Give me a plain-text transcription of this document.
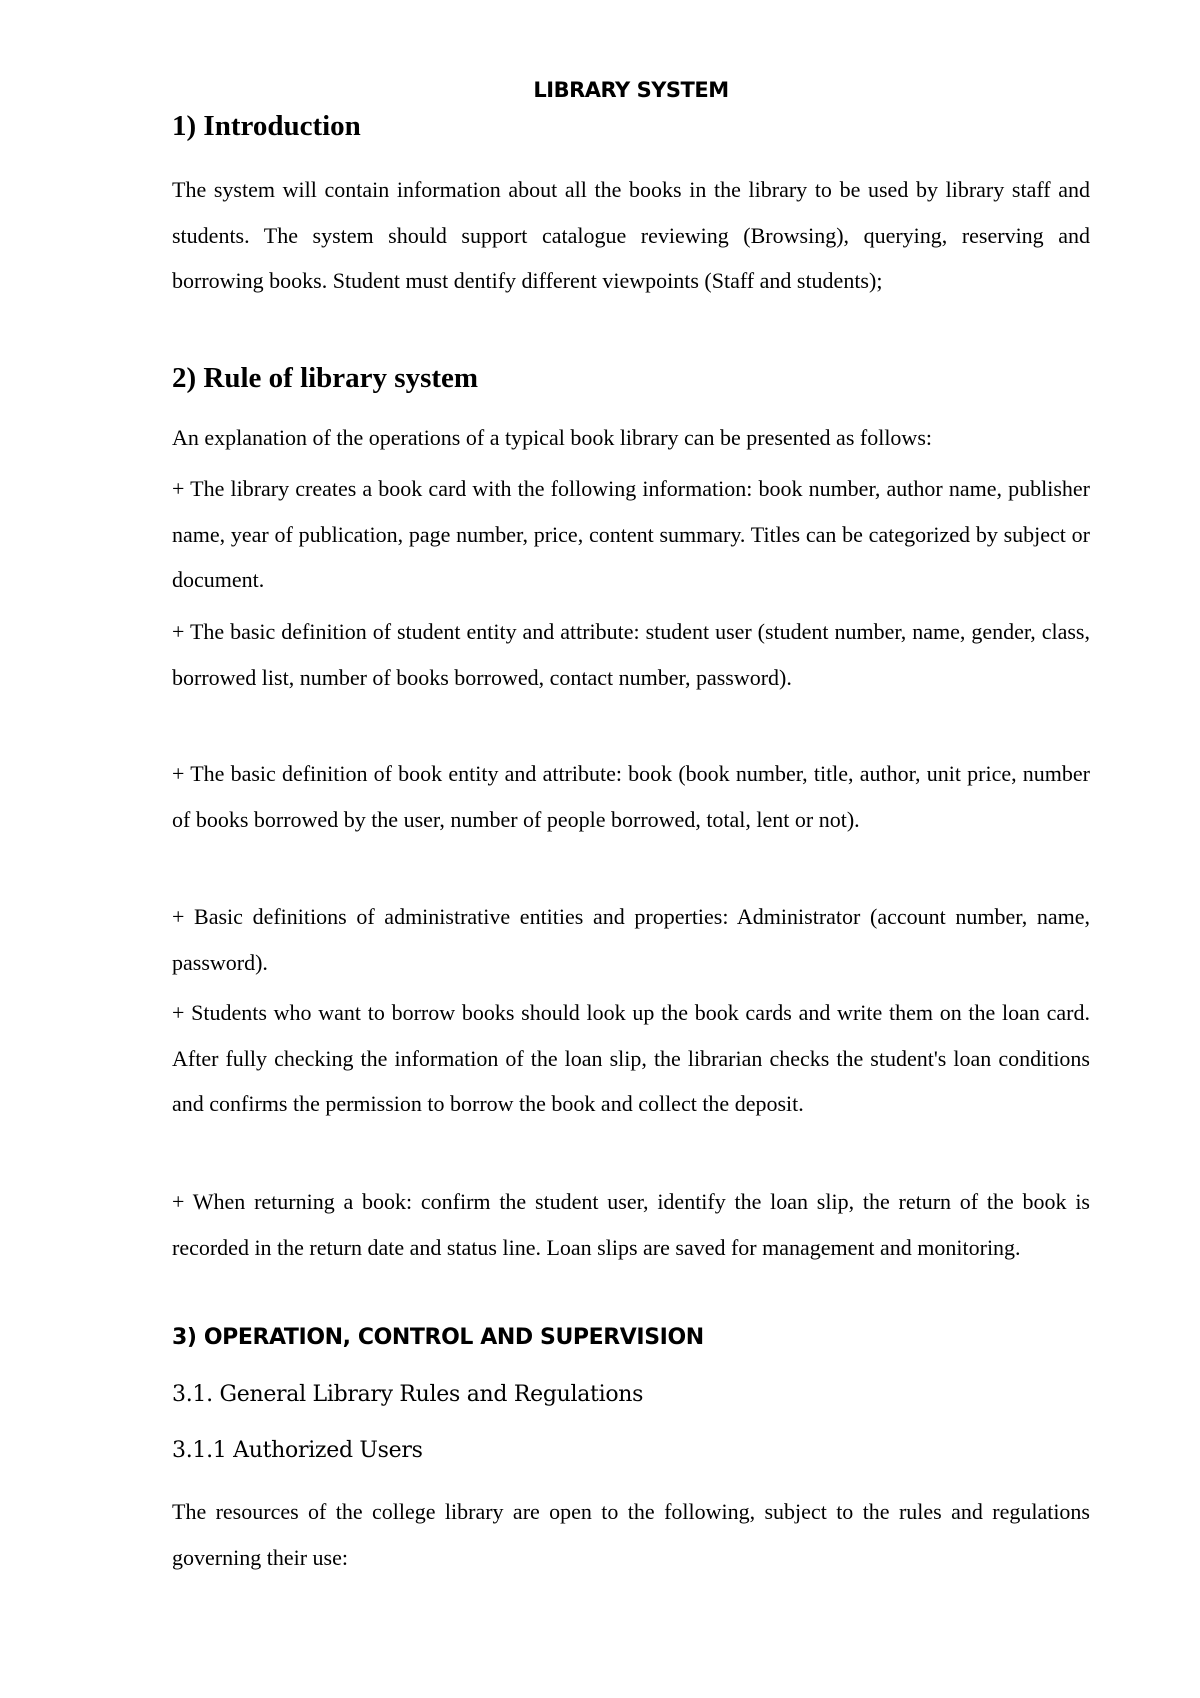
LIBRARY SYSTEM
1) Introduction

The system will contain information about all the books in the library to be used by library staff and students. The system should support catalogue reviewing (Browsing), querying, reserving and borrowing books. Student must dentify different viewpoints (Staff and students);

2) Rule of library system

An explanation of the operations of a typical book library can be presented as follows:

+ The library creates a book card with the following information: book number, author name, publisher name, year of publication, page number, price, content summary. Titles can be categorized by subject or document.

+ The basic definition of student entity and attribute: student user (student number, name, gender, class, borrowed list, number of books borrowed, contact number, password).

+ The basic definition of book entity and attribute: book (book number, title, author, unit price, number of books borrowed by the user, number of people borrowed, total, lent or not).

+ Basic definitions of administrative entities and properties: Administrator (account number, name, password).

+ Students who want to borrow books should look up the book cards and write them on the loan card. After fully checking the information of the loan slip, the librarian checks the student's loan conditions and confirms the permission to borrow the book and collect the deposit.

+ When returning a book: confirm the student user, identify the loan slip, the return of the book is recorded in the return date and status line. Loan slips are saved for management and monitoring.

3) OPERATION, CONTROL AND SUPERVISION
3.1. General Library Rules and Regulations
3.1.1 Authorized Users

The resources of the college library are open to the following, subject to the rules and regulations governing their use:
